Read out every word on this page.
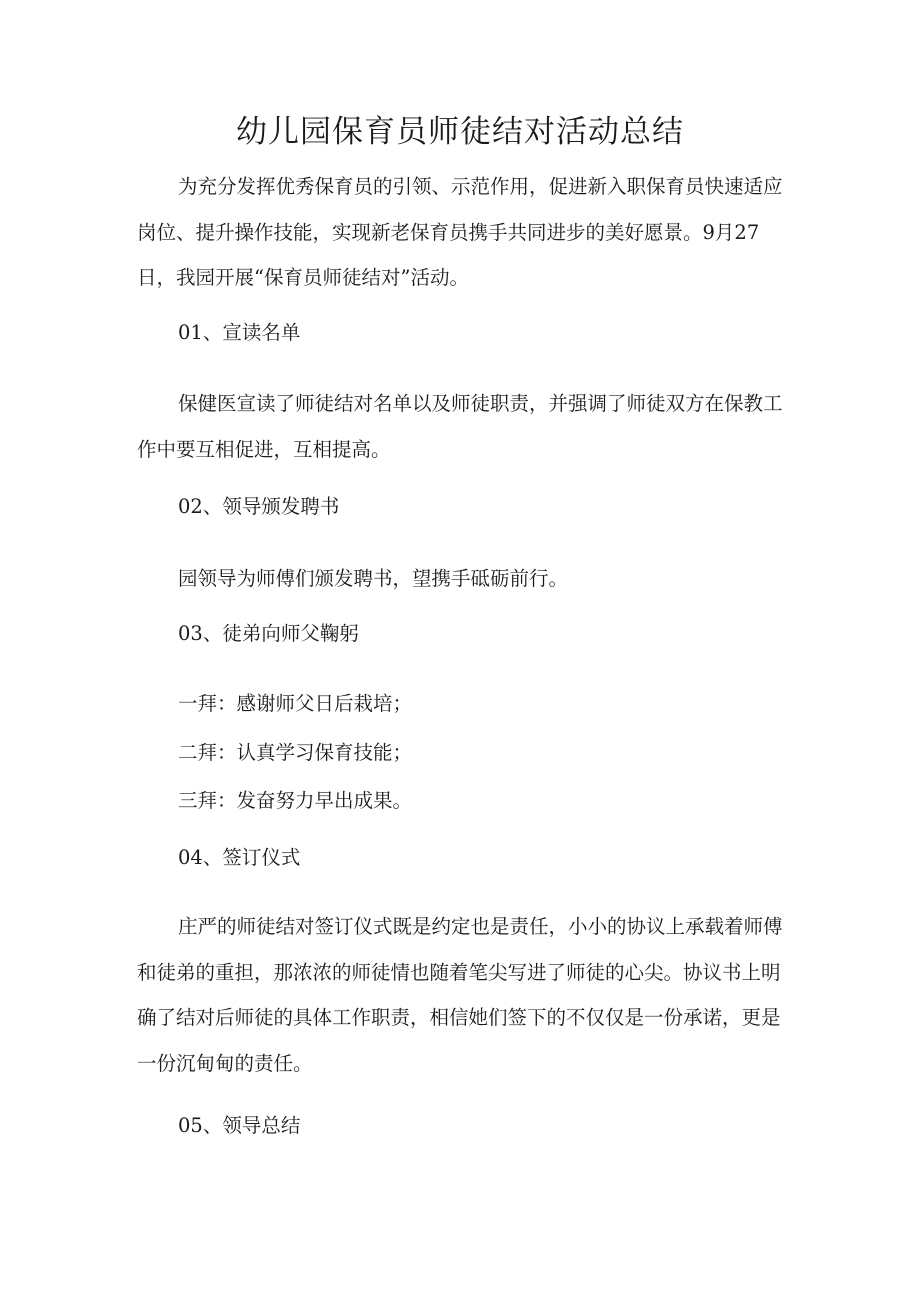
幼儿园保育员师徒结对活动总结

为充分发挥优秀保育员的引领、示范作用，促进新入职保育员快速适应岗位、提升操作技能，实现新老保育员携手共同进步的美好愿景。9月27日，我园开展“保育员师徒结对”活动。

01、宣读名单

保健医宣读了师徒结对名单以及师徒职责，并强调了师徒双方在保教工作中要互相促进，互相提高。

02、领导颁发聘书

园领导为师傅们颁发聘书，望携手砥砺前行。

03、徒弟向师父鞠躬

一拜：感谢师父日后栽培；

二拜：认真学习保育技能；

三拜：发奋努力早出成果。

04、签订仪式

庄严的师徒结对签订仪式既是约定也是责任，小小的协议上承载着师傅和徒弟的重担，那浓浓的师徒情也随着笔尖写进了师徒的心尖。协议书上明确了结对后师徒的具体工作职责，相信她们签下的不仅仅是一份承诺，更是一份沉甸甸的责任。

05、领导总结
